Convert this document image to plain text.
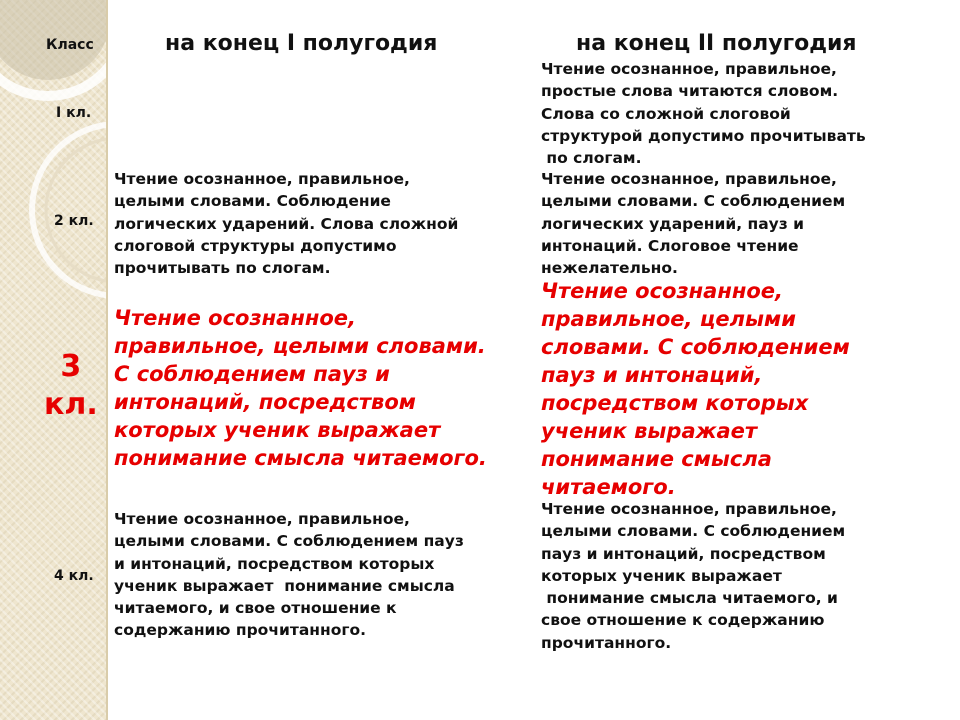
Класс	на конец I полугодия	на конец II полугодия
I кл.
2 кл.
3
кл.
4 кл.
Чтение осознанное, правильное,
простые слова читаются словом.
Слова со сложной слоговой
структурой допустимо прочитывать
по слогам.
Чтение осознанное, правильное,
целыми словами. Соблюдение
логических ударений. Слова сложной
слоговой структуры допустимо
прочитывать по слогам.
Чтение осознанное, правильное,
целыми словами. С соблюдением
логических ударений, пауз и
интонаций. Слоговое чтение
нежелательно.
Чтение осознанное,
правильное, целыми словами.
С соблюдением пауз и
интонаций, посредством
которых ученик выражает
понимание смысла читаемого.
Чтение осознанное,
правильное, целыми
словами. С соблюдением
пауз и интонаций,
посредством которых
ученик выражает
понимание смысла
читаемого.
Чтение осознанное, правильное,
целыми словами. С соблюдением пауз
и интонаций, посредством которых
ученик выражает  понимание смысла
читаемого, и свое отношение к
содержанию прочитанного.
Чтение осознанное, правильное,
целыми словами. С соблюдением
пауз и интонаций, посредством
которых ученик выражает
понимание смысла читаемого, и
свое отношение к содержанию
прочитанного.
